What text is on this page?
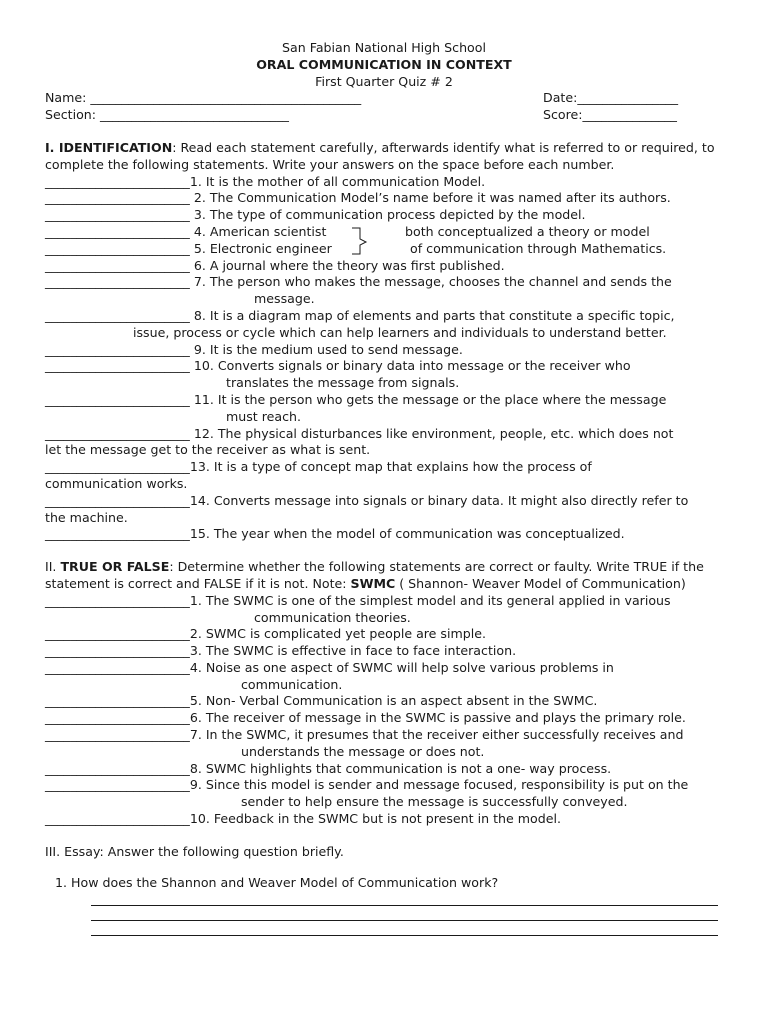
San Fabian National High School
ORAL COMMUNICATION IN CONTEXT
First Quarter Quiz # 2
Name: ___________________________________________	Date:________________
Section: ______________________________	Score:_______________
I. IDENTIFICATION: Read each statement carefully, afterwards identify what is referred to or required, to complete the following statements. Write your answers on the space before each number.
_______________________1. It is the mother of all communication Model.
_______________________ 2. The Communication Model’s name before it was named after its authors.
_______________________ 3. The type of communication process depicted by the model.
_______________________ 4. American scientist	both conceptualized a theory or model
_______________________ 5. Electronic engineer	of communication through Mathematics.
_______________________ 6. A journal where the theory was first published.
_______________________ 7. The person who makes the message, chooses the channel and sends the
message.
_______________________ 8. It is a diagram map of elements and parts that constitute a specific topic,
issue, process or cycle which can help learners and individuals to understand better.
_______________________ 9. It is the medium used to send message.
_______________________ 10. Converts signals or binary data into message or the receiver who
translates the message from signals.
_______________________ 11. It is the person who gets the message or the place where the message
must reach.
_______________________ 12. The physical disturbances like environment, people, etc. which does not
let the message get to the receiver as what is sent.
_______________________13. It is a type of concept map that explains how the process of
communication works.
_______________________14. Converts message into signals or binary data. It might also directly refer to
the machine.
_______________________15. The year when the model of communication was conceptualized.
II. TRUE OR FALSE: Determine whether the following statements are correct or faulty. Write TRUE if the statement is correct and FALSE if it is not. Note: SWMC ( Shannon- Weaver Model of Communication)
_______________________1. The SWMC is one of the simplest model and its general applied in various
communication theories.
_______________________2. SWMC is complicated yet people are simple.
_______________________3. The SWMC is effective in face to face interaction.
_______________________4. Noise as one aspect of SWMC will help solve various problems in
communication.
_______________________5. Non- Verbal Communication is an aspect absent in the SWMC.
_______________________6. The receiver of message in the SWMC is passive and plays the primary role.
_______________________7. In the SWMC, it presumes that the receiver either successfully receives and
understands the message or does not.
_______________________8. SWMC highlights that communication is not a one- way process.
_______________________9. Since this model is sender and message focused, responsibility is put on the
sender to help ensure the message is successfully conveyed.
_______________________10. Feedback in the SWMC but is not present in the model.
III. Essay: Answer the following question briefly.
1. How does the Shannon and Weaver Model of Communication work?
